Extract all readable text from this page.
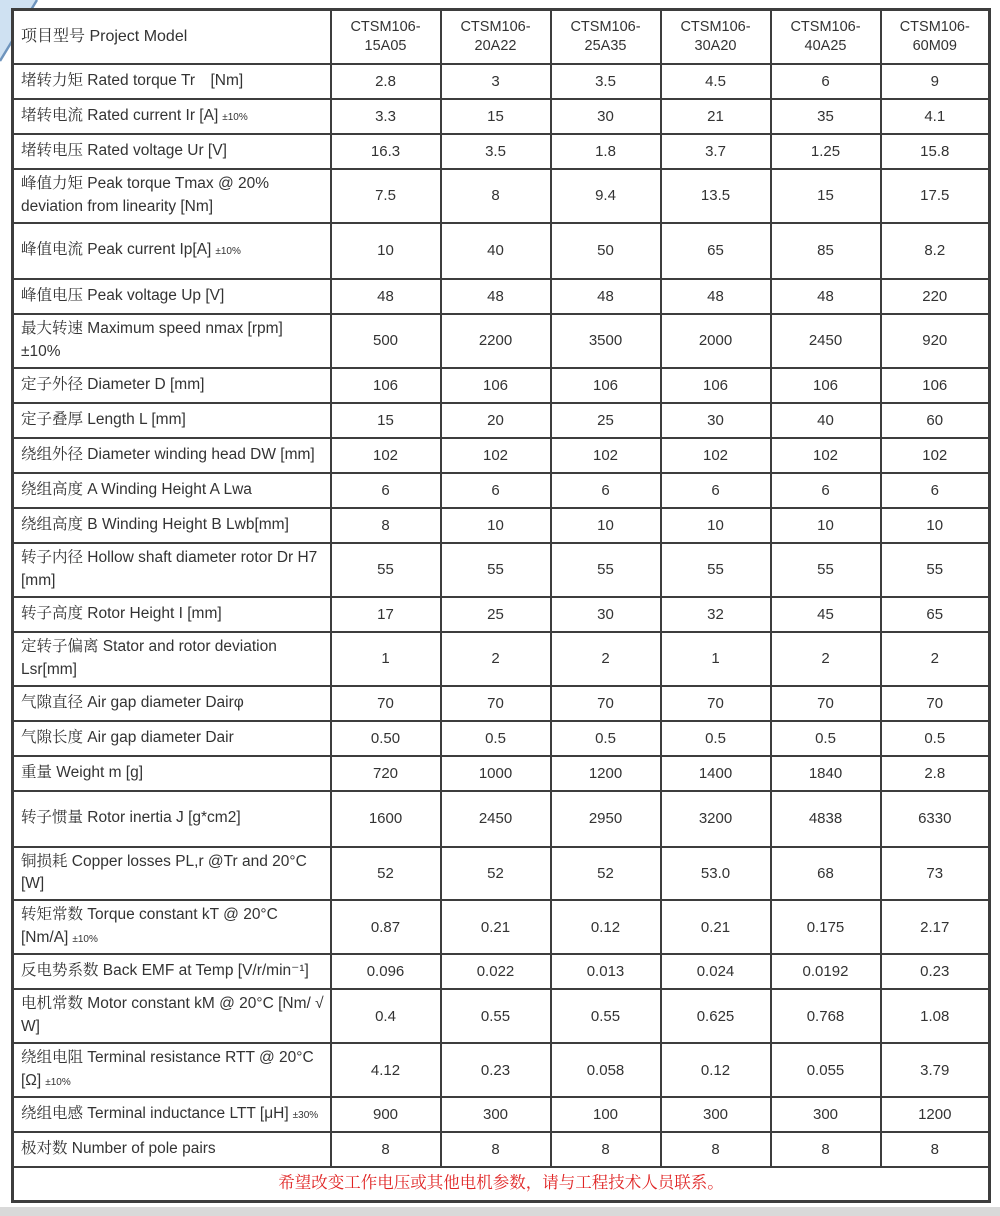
项目型号 Project Model	CTSM106-15A05	CTSM106-20A22	CTSM106-25A35	CTSM106-30A20	CTSM106-40A25	CTSM106-60M09
堵转力矩 Rated torque Tr　[Nm]	2.8	3	3.5	4.5	6	9
堵转电流 Rated current Ir [A] ±10%	3.3	15	30	21	35	4.1
堵转电压 Rated voltage Ur [V]	16.3	3.5	1.8	3.7	1.25	15.8
峰值力矩 Peak torque Tmax @ 20% deviation from linearity [Nm]	7.5	8	9.4	13.5	15	17.5
峰值电流 Peak current Ip[A] ±10%	10	40	50	65	85	8.2
峰值电压 Peak voltage Up [V]	48	48	48	48	48	220
最大转速 Maximum speed nmax [rpm] ±10%	500	2200	3500	2000	2450	920
定子外径 Diameter D [mm]	106	106	106	106	106	106
定子叠厚 Length L [mm]	15	20	25	30	40	60
绕组外径 Diameter winding head DW [mm]	102	102	102	102	102	102
绕组高度 A Winding Height A Lwa	6	6	6	6	6	6
绕组高度 B Winding Height B Lwb[mm]	8	10	10	10	10	10
转子内径 Hollow shaft diameter rotor Dr H7 [mm]	55	55	55	55	55	55
转子高度 Rotor Height I [mm]	17	25	30	32	45	65
定转子偏离 Stator and rotor deviation Lsr[mm]	1	2	2	1	2	2
气隙直径 Air gap diameter Dairφ	70	70	70	70	70	70
气隙长度 Air gap diameter Dair	0.50	0.5	0.5	0.5	0.5	0.5
重量 Weight m [g]	720	1000	1200	1400	1840	2.8
转子惯量 Rotor inertia J [g*cm2]	1600	2450	2950	3200	4838	6330
铜损耗 Copper losses PL,r @Tr and 20°C [W]	52	52	52	53.0	68	73
转矩常数 Torque constant kT @ 20°C [Nm/A] ±10%	0.87	0.21	0.12	0.21	0.175	2.17
反电势系数 Back EMF at Temp [V/r/min⁻¹]	0.096	0.022	0.013	0.024	0.0192	0.23
电机常数 Motor constant kM @ 20°C [Nm/ √ W]	0.4	0.55	0.55	0.625	0.768	1.08
绕组电阻 Terminal resistance RTT @ 20°C [Ω] ±10%	4.12	0.23	0.058	0.12	0.055	3.79
绕组电感 Terminal inductance LTT [μH] ±30%	900	300	100	300	300	1200
极对数 Number of pole pairs	8	8	8	8	8	8
希望改变工作电压或其他电机参数，请与工程技术人员联系。						
